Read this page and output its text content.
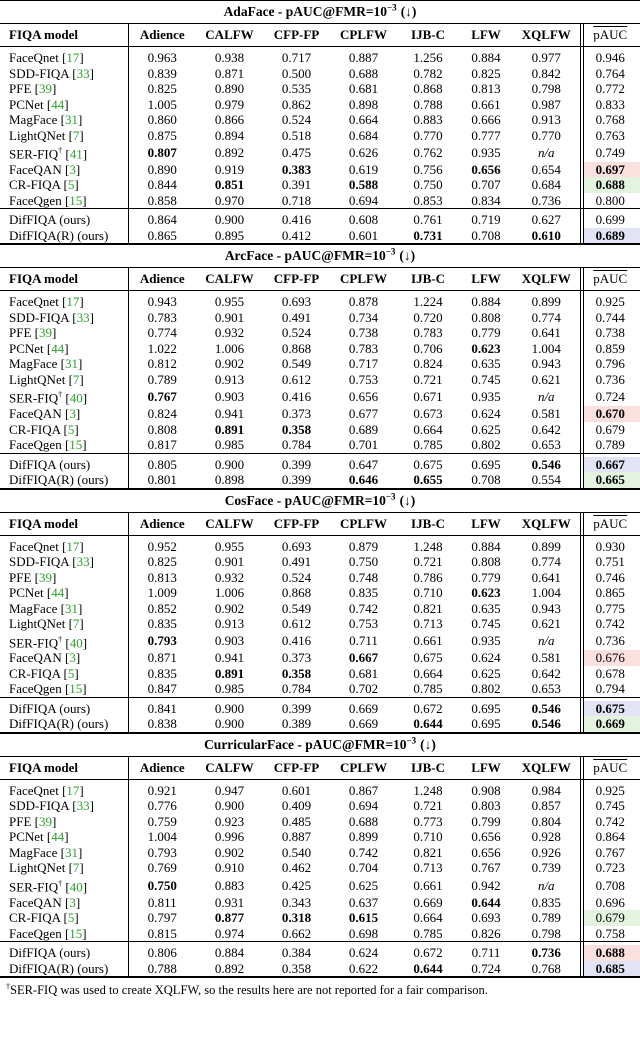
AdaFace - $pAUC@FMR=10^{-3}$ (↓)
FIQA model	Adience	CALFW	CFP-FP	CPLFW	IJB-C	LFW	XQLFW	pAUC

FaceQnet [17]	0.963	0.938	0.717	0.887	1.256	0.884	0.977	0.946
SDD-FIQA [33]	0.839	0.871	0.500	0.688	0.782	0.825	0.842	0.764
PFE [39]	0.825	0.890	0.535	0.681	0.868	0.813	0.798	0.772
PCNet [44]	1.005	0.979	0.862	0.898	0.788	0.661	0.987	0.833
MagFace [31]	0.860	0.866	0.524	0.664	0.883	0.666	0.913	0.768
LightQNet [7]	0.875	0.894	0.518	0.684	0.770	0.777	0.770	0.763
SER-FIQ† [41]	0.807	0.892	0.475	0.626	0.762	0.935	n/a	0.749
FaceQAN [3]	0.890	0.919	0.383	0.619	0.756	0.656	0.654	0.697
CR-FIQA [5]	0.844	0.851	0.391	0.588	0.750	0.707	0.684	0.688
FaceQgen [15]	0.858	0.970	0.718	0.694	0.853	0.834	0.736	0.800

DifFIQA (ours)	0.864	0.900	0.416	0.608	0.761	0.719	0.627	0.699
DifFIQA(R) (ours)	0.865	0.895	0.412	0.601	0.731	0.708	0.610	0.689
ArcFace - $pAUC@FMR=10^{-3}$ (↓)
FIQA model	Adience	CALFW	CFP-FP	CPLFW	IJB-C	LFW	XQLFW	pAUC

FaceQnet [17]	0.943	0.955	0.693	0.878	1.224	0.884	0.899	0.925
SDD-FIQA [33]	0.783	0.901	0.491	0.734	0.720	0.808	0.774	0.744
PFE [39]	0.774	0.932	0.524	0.738	0.783	0.779	0.641	0.738
PCNet [44]	1.022	1.006	0.868	0.783	0.706	0.623	1.004	0.859
MagFace [31]	0.812	0.902	0.549	0.717	0.824	0.635	0.943	0.796
LightQNet [7]	0.789	0.913	0.612	0.753	0.721	0.745	0.621	0.736
SER-FIQ† [40]	0.767	0.903	0.416	0.656	0.671	0.935	n/a	0.724
FaceQAN [3]	0.824	0.941	0.373	0.677	0.673	0.624	0.581	0.670
CR-FIQA [5]	0.808	0.891	0.358	0.689	0.664	0.625	0.642	0.679
FaceQgen [15]	0.817	0.985	0.784	0.701	0.785	0.802	0.653	0.789

DifFIQA (ours)	0.805	0.900	0.399	0.647	0.675	0.695	0.546	0.667
DifFIQA(R) (ours)	0.801	0.898	0.399	0.646	0.655	0.708	0.554	0.665
CosFace - $pAUC@FMR=10^{-3}$ (↓)
FIQA model	Adience	CALFW	CFP-FP	CPLFW	IJB-C	LFW	XQLFW	pAUC

FaceQnet [17]	0.952	0.955	0.693	0.879	1.248	0.884	0.899	0.930
SDD-FIQA [33]	0.825	0.901	0.491	0.750	0.721	0.808	0.774	0.751
PFE [39]	0.813	0.932	0.524	0.748	0.786	0.779	0.641	0.746
PCNet [44]	1.009	1.006	0.868	0.835	0.710	0.623	1.004	0.865
MagFace [31]	0.852	0.902	0.549	0.742	0.821	0.635	0.943	0.775
LightQNet [7]	0.835	0.913	0.612	0.753	0.713	0.745	0.621	0.742
SER-FIQ† [40]	0.793	0.903	0.416	0.711	0.661	0.935	n/a	0.736
FaceQAN [3]	0.871	0.941	0.373	0.667	0.675	0.624	0.581	0.676
CR-FIQA [5]	0.835	0.891	0.358	0.681	0.664	0.625	0.642	0.678
FaceQgen [15]	0.847	0.985	0.784	0.702	0.785	0.802	0.653	0.794

DifFIQA (ours)	0.841	0.900	0.399	0.669	0.672	0.695	0.546	0.675
DifFIQA(R) (ours)	0.838	0.900	0.389	0.669	0.644	0.695	0.546	0.669
CurricularFace - $pAUC@FMR=10^{-3}$ (↓)
FIQA model	Adience	CALFW	CFP-FP	CPLFW	IJB-C	LFW	XQLFW	pAUC

FaceQnet [17]	0.921	0.947	0.601	0.867	1.248	0.908	0.984	0.925
SDD-FIQA [33]	0.776	0.900	0.409	0.694	0.721	0.803	0.857	0.745
PFE [39]	0.759	0.923	0.485	0.688	0.773	0.799	0.804	0.742
PCNet [44]	1.004	0.996	0.887	0.899	0.710	0.656	0.928	0.864
MagFace [31]	0.793	0.902	0.540	0.742	0.821	0.656	0.926	0.767
LightQNet [7]	0.769	0.910	0.462	0.704	0.713	0.767	0.739	0.723
SER-FIQ† [40]	0.750	0.883	0.425	0.625	0.661	0.942	n/a	0.708
FaceQAN [3]	0.811	0.931	0.343	0.637	0.669	0.644	0.835	0.696
CR-FIQA [5]	0.797	0.877	0.318	0.615	0.664	0.693	0.789	0.679
FaceQgen [15]	0.815	0.974	0.662	0.698	0.785	0.826	0.798	0.758

DifFIQA (ours)	0.806	0.884	0.384	0.624	0.672	0.711	0.736	0.688
DifFIQA(R) (ours)	0.788	0.892	0.358	0.622	0.644	0.724	0.768	0.685
†SER-FIQ was used to create XQLFW, so the results here are not reported for a fair comparison.
